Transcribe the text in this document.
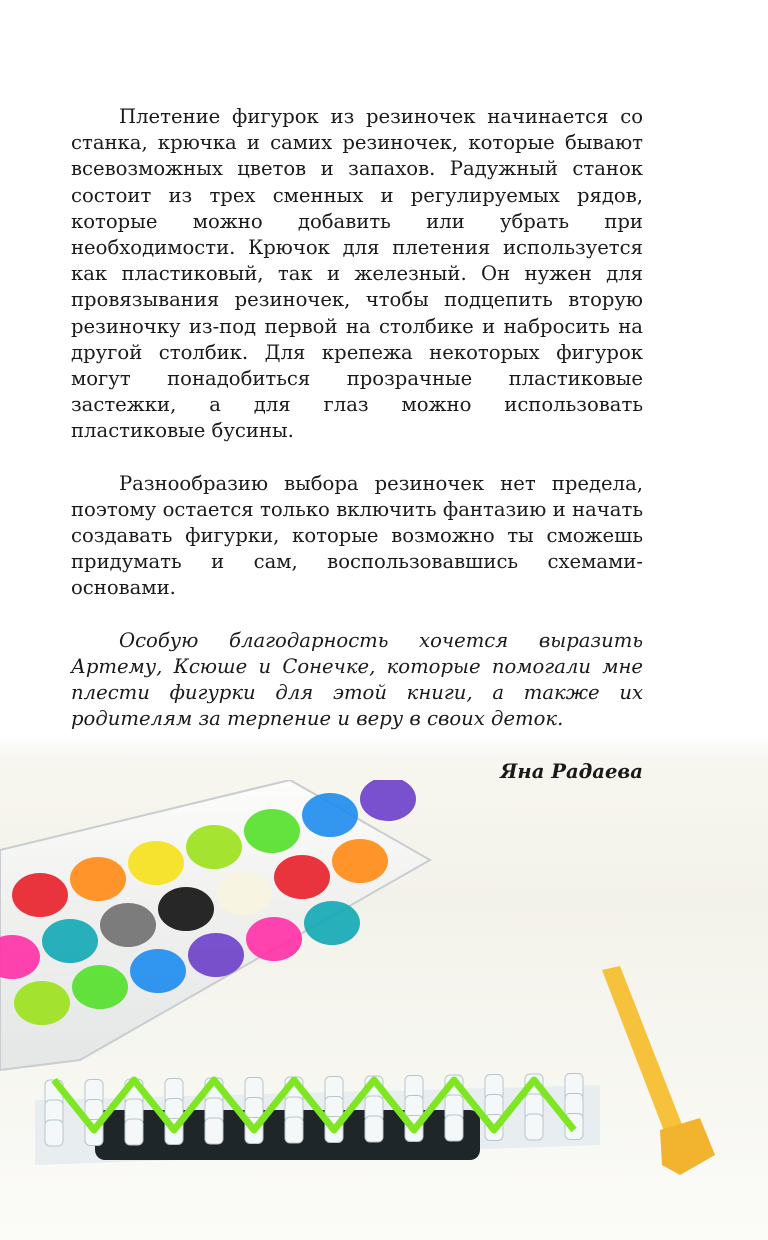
Плетение фигурок из резиночек начинается со станка, крючка и самих резиночек, которые бывают всевозможных цветов и запахов. Радужный станок состоит из трех сменных и регулируемых рядов, которые можно добавить или убрать при необходимости. Крючок для плетения используется как пластиковый, так и железный. Он нужен для провязывания резиночек, чтобы подцепить вторую резиночку из-под первой на столбике и набросить на другой столбик. Для крепежа некоторых фигурок могут понадобиться прозрачные пластиковые застежки, а для глаз можно использовать пластиковые бусины.

Разнообразию выбора резиночек нет предела, поэтому остается только включить фантазию и начать создавать фигурки, которые возможно ты сможешь придумать и сам, воспользовавшись схемами-основами.

Особую благодарность хочется выразить Артему, Ксюше и Сонечке, которые помогали мне плести фигурки для этой книги, а также их родителям за терпение и веру в своих деток.

Яна Радаева
